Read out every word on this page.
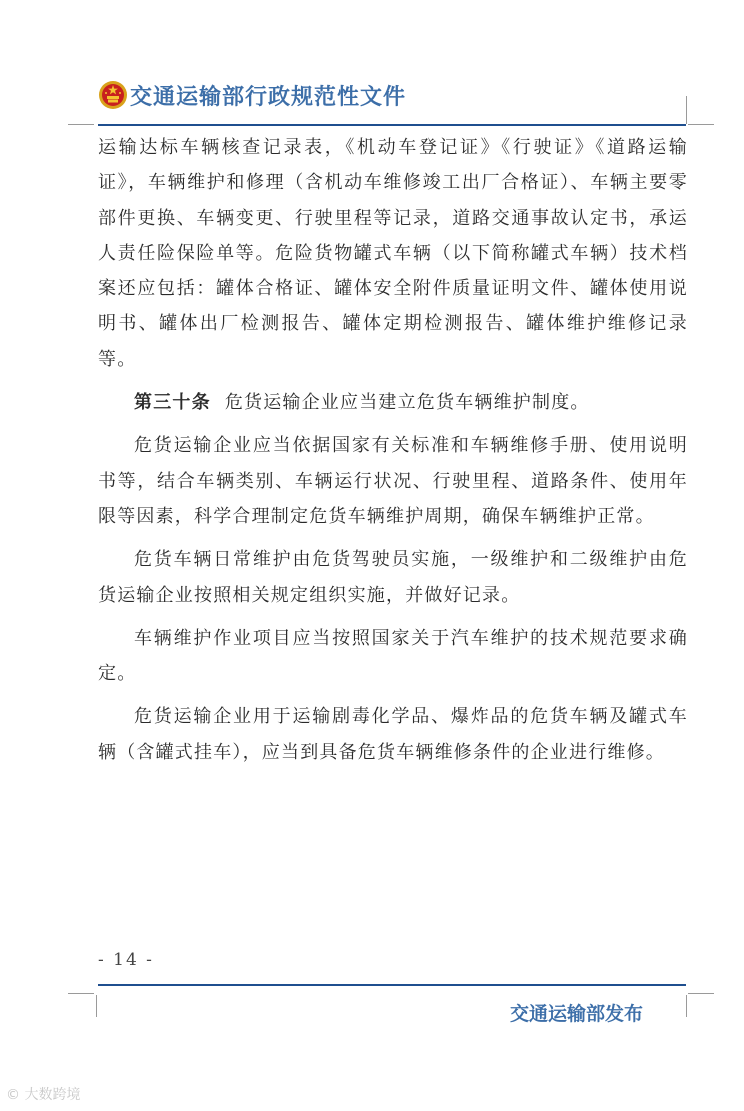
交通运输部行政规范性文件

运输达标车辆核查记录表，《机动车登记证》《行驶证》《道路运输证》，车辆维护和修理（含机动车维修竣工出厂合格证）、车辆主要零部件更换、车辆变更、行驶里程等记录，道路交通事故认定书，承运人责任险保险单等。危险货物罐式车辆（以下简称罐式车辆）技术档案还应包括：罐体合格证、罐体安全附件质量证明文件、罐体使用说明书、罐体出厂检测报告、罐体定期检测报告、罐体维护维修记录等。

第三十条 危货运输企业应当建立危货车辆维护制度。

危货运输企业应当依据国家有关标准和车辆维修手册、使用说明书等，结合车辆类别、车辆运行状况、行驶里程、道路条件、使用年限等因素，科学合理制定危货车辆维护周期，确保车辆维护正常。

危货车辆日常维护由危货驾驶员实施，一级维护和二级维护由危货运输企业按照相关规定组织实施，并做好记录。

车辆维护作业项目应当按照国家关于汽车维护的技术规范要求确定。

危货运输企业用于运输剧毒化学品、爆炸品的危货车辆及罐式车辆（含罐式挂车），应当到具备危货车辆维修条件的企业进行维修。

- 14 -
交通运输部发布
© 大数跨境
